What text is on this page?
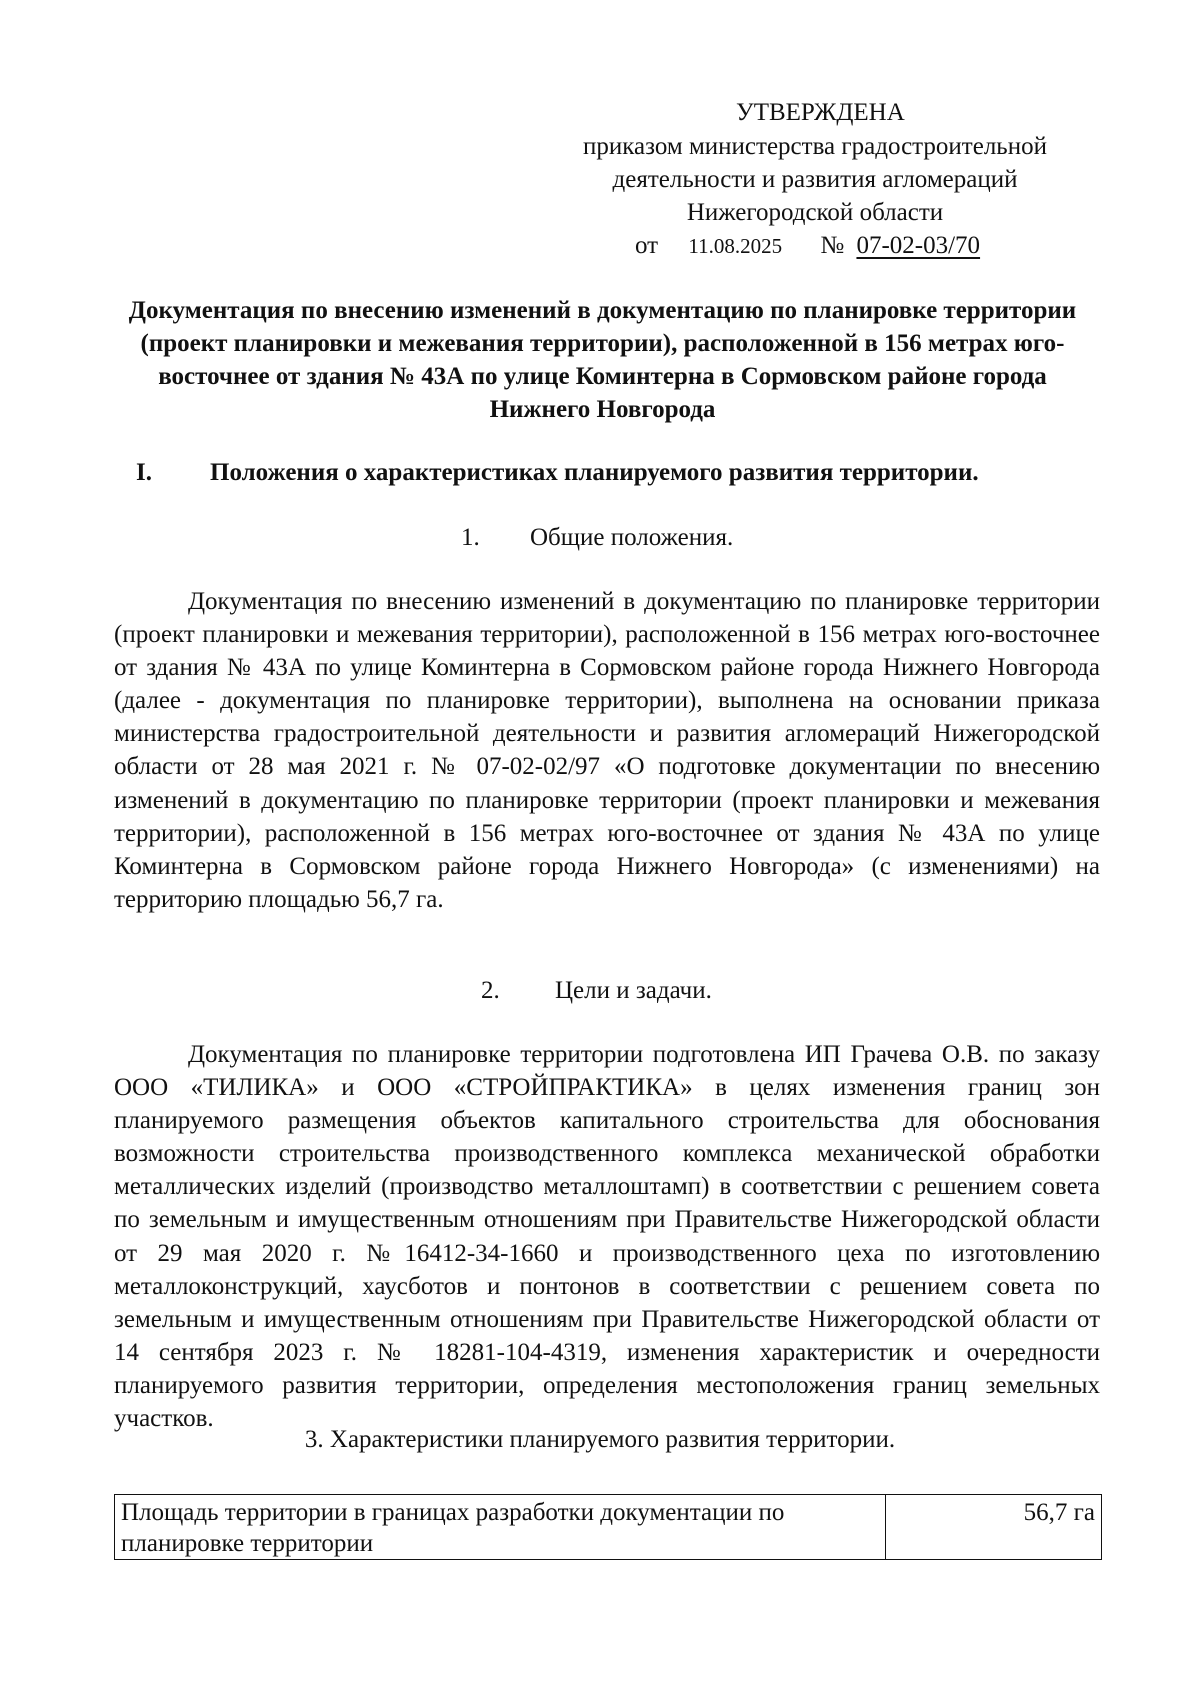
УТВЕРЖДЕНА
приказом министерства градостроительной
деятельности и развития агломераций
Нижегородской области
от 11.08.2025 № 07-02-03/70
Документация по внесению изменений в документацию по планировке территории (проект планировки и межевания территории), расположенной в 156 метрах юго-восточнее от здания № 43А по улице Коминтерна в Сормовском районе города Нижнего Новгорода
I. Положения о характеристиках планируемого развития территории.
1. Общие положения.
Документация по внесению изменений в документацию по планировке территории (проект планировки и межевания территории), расположенной в 156 метрах юго-восточнее от здания № 43А по улице Коминтерна в Сормовском районе города Нижнего Новгорода (далее - документация по планировке территории), выполнена на основании приказа министерства градостроительной деятельности и развития агломераций Нижегородской области от 28 мая 2021 г. № 07-02-02/97 «О подготовке документации по внесению изменений в документацию по планировке территории (проект планировки и межевания территории), расположенной в 156 метрах юго-восточнее от здания № 43А по улице Коминтерна в Сормовском районе города Нижнего Новгорода» (с изменениями) на территорию площадью 56,7 га.
2. Цели и задачи.
Документация по планировке территории подготовлена ИП Грачева О.В. по заказу ООО «ТИЛИКА» и ООО «СТРОЙПРАКТИКА» в целях изменения границ зон планируемого размещения объектов капитального строительства для обоснования возможности строительства производственного комплекса механической обработки металлических изделий (производство металлоштамп) в соответствии с решением совета по земельным и имущественным отношениям при Правительстве Нижегородской области от 29 мая 2020 г. №16412-34-1660 и производственного цеха по изготовлению металлоконструкций, хаусботов и понтонов в соответствии с решением совета по земельным и имущественным отношениям при Правительстве Нижегородской области от 14 сентября 2023 г. № 18281-104-4319, изменения характеристик и очередности планируемого развития территории, определения местоположения границ земельных участков.
3. Характеристики планируемого развития территории.
Площадь территории в границах разработки документации по планировке территории	56,7 га
